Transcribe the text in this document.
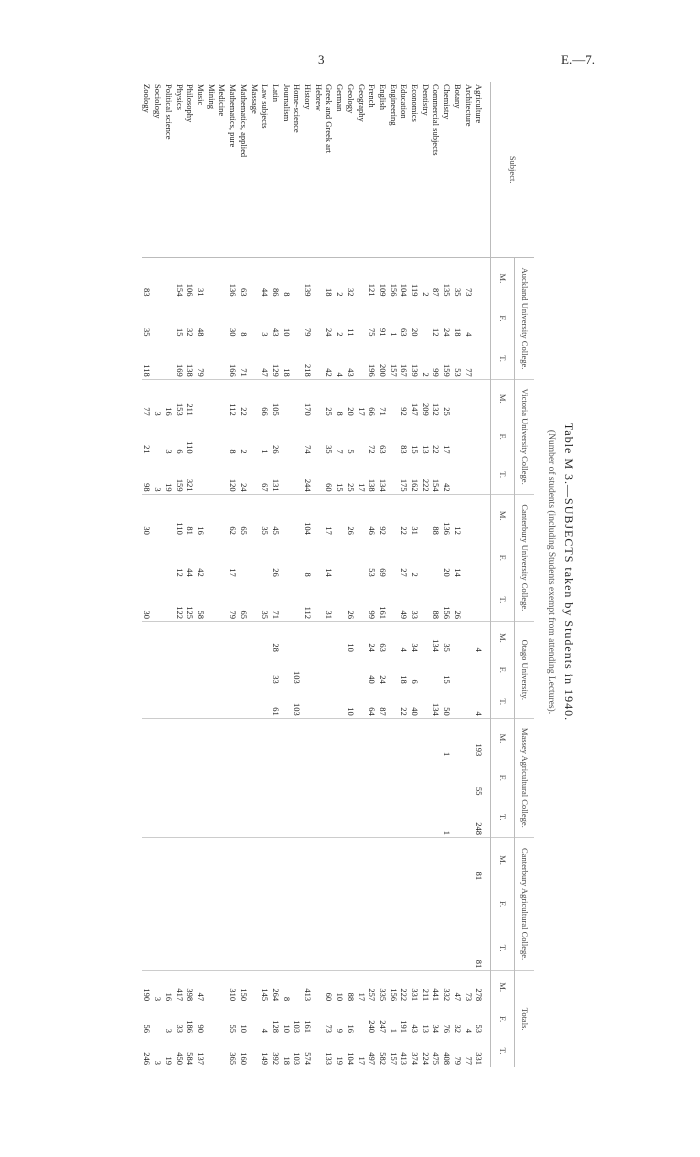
3	E.—7.
Table M 3.—SUBJECTS taken by Students in 1940.
(Number of students (including Students exempt from attending Lectures).
Subject.	Auckland University College.			Victoria University College.			Canterbury University College.			Otago University.			Massey Agricultural College.			Canterbury Agricultural College.			Totals.		
	M.	F.	T.	M.	F.	T.	M.	F.	T.	M.	F.	T.	M.	F.	T.	M.	F.	T.	M.	F.	T.
Agriculture										4		4	193	55	248	81		81	278	53	331
Architecture	73	4	77																73	4	77
Botany	35	18	53				12	14	26										47	32	79
Chemistry	135	24	159	25	17	42	136	20	156	35	15	50	1		1				332	76	408
Commercial subjects	87	12	99	132	22	154	88		88	134		134							441	34	475
Dentistry	2		2	209	13	222													211	13	224
Economics	119	20	139	147	15	162	31	2	33	34	6	40							331	43	374
Education	104	63	167	92	83	175	22	27	49	4	18	22							222	191	413
Engineering	156	1	157																156	1	157
English	109	91	200	71	63	134	92	69	161	63	24	87							335	247	582
French	121	75	196	66	72	138	46	53	99	24	40	64							257	240	497
Geography				17		17													17		17
Geology	32	11	43	20	5	25	26		26	10		10							88	16	104
German	2	2	4	8	7	15													10	9	19
Greek and Greek art	18	24	42	25	35	60	17	14	31										60	73	133
Hebrew																					
History	139	79	218	170	74	244	104	8	112										413	161	574
Home-science											103	103								103	103
Journalism	8	10	18																8	10	18
Latin	86	43	129	105	26	131	45	26	71	28	33	61							264	128	392
Law subjects	44	3	47	66	1	67	35		35										145	4	149
Massage																					
Mathematics, applied	63	8	71	22	2	24	65		65										150	10	160
Mathematics, pure	136	30	166	112	8	120	62	17	79										310	55	365
Medicine																					
Mining																					
Music	31	48	79				16	42	58										47	90	137
Philosophy	106	32	138	211	110	321	81	44	125										398	186	584
Physics	154	15	169	153	6	159	110	12	122										417	33	450
Political science				16	3	19													16	3	19
Sociology				3		3													3		3
Zoology	83	35	118	77	21	98	30		30										190	56	246
